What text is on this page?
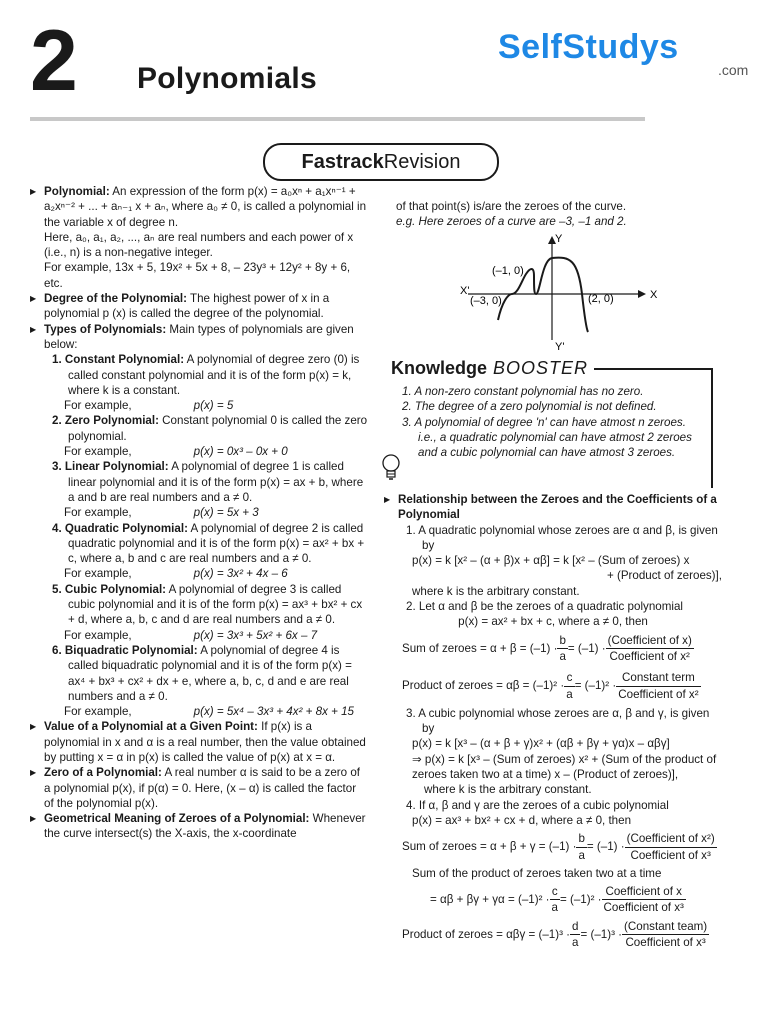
2 Polynomials
SelfStudys
.com
Fastrack Revision

▶ Polynomial: An expression of the form p(x) = a₀xⁿ + a₁xⁿ⁻¹ + a₂xⁿ⁻² + ... + aₙ₋₁ x + aₙ, where a₀ ≠ 0, is called a polynomial in the variable x of degree n.

Here, a₀, a₁, a₂, ..., aₙ are real numbers and each power of x (i.e., n) is a non-negative integer.

For example, 13x + 5, 19x² + 5x + 8, – 23y³ + 12y² + 8y + 6, etc.

▶ Degree of the Polynomial: The highest power of x in a polynomial p (x) is called the degree of the polynomial.

▶ Types of Polynomials: Main types of polynomials are given below:

1. Constant Polynomial: A polynomial of degree zero (0) is called constant polynomial and it is of the form p(x) = k, where k is a constant.

For example,	p(x) = 5

2. Zero Polynomial: Constant polynomial 0 is called the zero polynomial.

For example,	p(x) = 0x³ – 0x + 0

3. Linear Polynomial: A polynomial of degree 1 is called linear polynomial and it is of the form p(x) = ax + b, where a and b are real numbers and a ≠ 0.

For example,	p(x) = 5x + 3

4. Quadratic Polynomial: A polynomial of degree 2 is called quadratic polynomial and it is of the form p(x) = ax² + bx + c, where a, b and c are real numbers and a ≠ 0.

For example,	p(x) = 3x² + 4x – 6

5. Cubic Polynomial: A polynomial of degree 3 is called cubic polynomial and it is of the form p(x) = ax³ + bx² + cx + d, where a, b, c and d are real numbers and a ≠ 0.

For example,	p(x) = 3x³ + 5x² + 6x – 7

6. Biquadratic Polynomial: A polynomial of degree 4 is called biquadratic polynomial and it is of the form p(x) = ax⁴ + bx³ + cx² + dx + e, where a, b, c, d and e are real numbers and a ≠ 0.

For example,	p(x) = 5x⁴ – 3x³ + 4x² + 8x + 15

▶ Value of a Polynomial at a Given Point: If p(x) is a polynomial in x and α is a real number, then the value obtained by putting x = α in p(x) is called the value of p(x) at x = α.

▶ Zero of a Polynomial: A real number α is said to be a zero of a polynomial p(x), if p(α) = 0. Here, (x – α) is called the factor of the polynomial p(x).

▶ Geometrical Meaning of Zeroes of a Polynomial: Whenever the curve intersect(s) the X-axis, the x-coordinate

of that point(s) is/are the zeroes of the curve.

e.g. Here zeroes of a curve are –3, –1 and 2.

Y
Y'
X
X'
(–1, 0)
(–3, 0)	(2, 0)
Knowledge BOOSTER

1. A non-zero constant polynomial has no zero.

2. The degree of a zero polynomial is not defined.

3. A polynomial of degree 'n' can have atmost n zeroes. i.e., a quadratic polynomial can have atmost 2 zeroes and a cubic polynomial can have atmost 3 zeroes.

▶ Relationship between the Zeroes and the Coefficients of a Polynomial

1. A quadratic polynomial whose zeroes are α and β, is given by

p(x) = k [x² – (α + β)x + αβ] = k [x² – (Sum of zeroes) x

+ (Product of zeroes)],

where k is the arbitrary constant.

2. Let α and β be the zeroes of a quadratic polynomial

p(x) = ax² + bx + c, where a ≠ 0, then

Sum of zeroes = $\alpha + \beta = (-1) \cdot \frac{b}{a} = (-1) \cdot \frac{\text{(Coefficient of x)}}{\text{Coefficient of x²}}$
Product of zeroes = $\alpha\beta = (-1)^2 \cdot \frac{c}{a} = (-1)^2 \cdot \frac{\text{Constant term}}{\text{Coefficient of x²}}$

3. A cubic polynomial whose zeroes are α, β and γ, is given by

p(x) = k [x³ – (α + β + γ)x² + (αβ + βγ + γα)x – αβγ]

⇒ p(x) = k [x³ – (Sum of zeroes) x² + (Sum of the product of zeroes taken two at a time) x – (Product of zeroes)],

where k is the arbitrary constant.

4. If α, β and γ are the zeroes of a cubic polynomial

p(x) = ax³ + bx² + cx + d, where a ≠ 0, then

Sum of zeroes = $\alpha + \beta + \gamma = (-1) \cdot \frac{b}{a} = (-1) \cdot \frac{\text{(Coefficient of x²)}}{\text{Coefficient of x³}}$

Sum of the product of zeroes taken two at a time

= $\alpha\beta + \beta\gamma + \gamma\alpha = (-1)^2 \cdot \frac{c}{a} = (-1)^2 \cdot \frac{\text{Coefficient of x}}{\text{Coefficient of x³}}$
Product of zeroes = $\alpha\beta\gamma = (-1)^3 \cdot \frac{d}{a} = (-1)^3 \cdot \frac{\text{(Constant team)}}{\text{Coefficient of x³}}$
